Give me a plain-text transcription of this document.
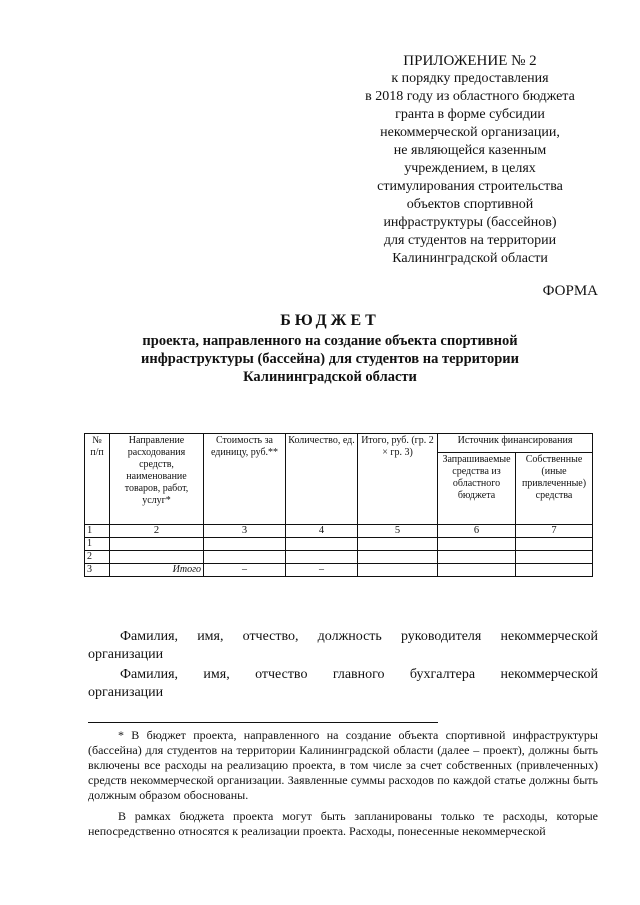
ПРИЛОЖЕНИЕ № 2
к порядку предоставления
в 2018 году из областного бюджета
гранта в форме субсидии
некоммерческой организации,
не являющейся казенным
учреждением, в целях
стимулирования строительства
объектов спортивной
инфраструктуры (бассейнов)
для студентов на территории
Калининградской области
ФОРМА
БЮДЖЕТ
проекта, направленного на создание объекта спортивной
инфраструктуры (бассейна) для студентов на территории
Калининградской области
№ п/п	Направление расходования средств, наименование товаров, работ, услуг*	Стоимость за единицу, руб.**	Количество, ед.	Итого, руб. (гр. 2 × гр. 3)	Источник финансирования	
					Запрашиваемые средства из областного бюджета	Собственные (иные привлеченные) средства
1	2	3	4	5	6	7
1						
2						
3	Итого	–	–			
Фамилия, имя, отчество, должность руководителя некоммерческой
организации
Фамилия, имя, отчество главного бухгалтера некоммерческой
организации

* В бюджет проекта, направленного на создание объекта спортивной инфраструктуры (бассейна) для студентов на территории Калининградской области (далее – проект), должны быть включены все расходы на реализацию проекта, в том числе за счет собственных (привлеченных) средств некоммерческой организации. Заявленные суммы расходов по каждой статье должны быть должным образом обоснованы.

В рамках бюджета проекта могут быть запланированы только те расходы, которые непосредственно относятся к реализации проекта. Расходы, понесенные некоммерческой
